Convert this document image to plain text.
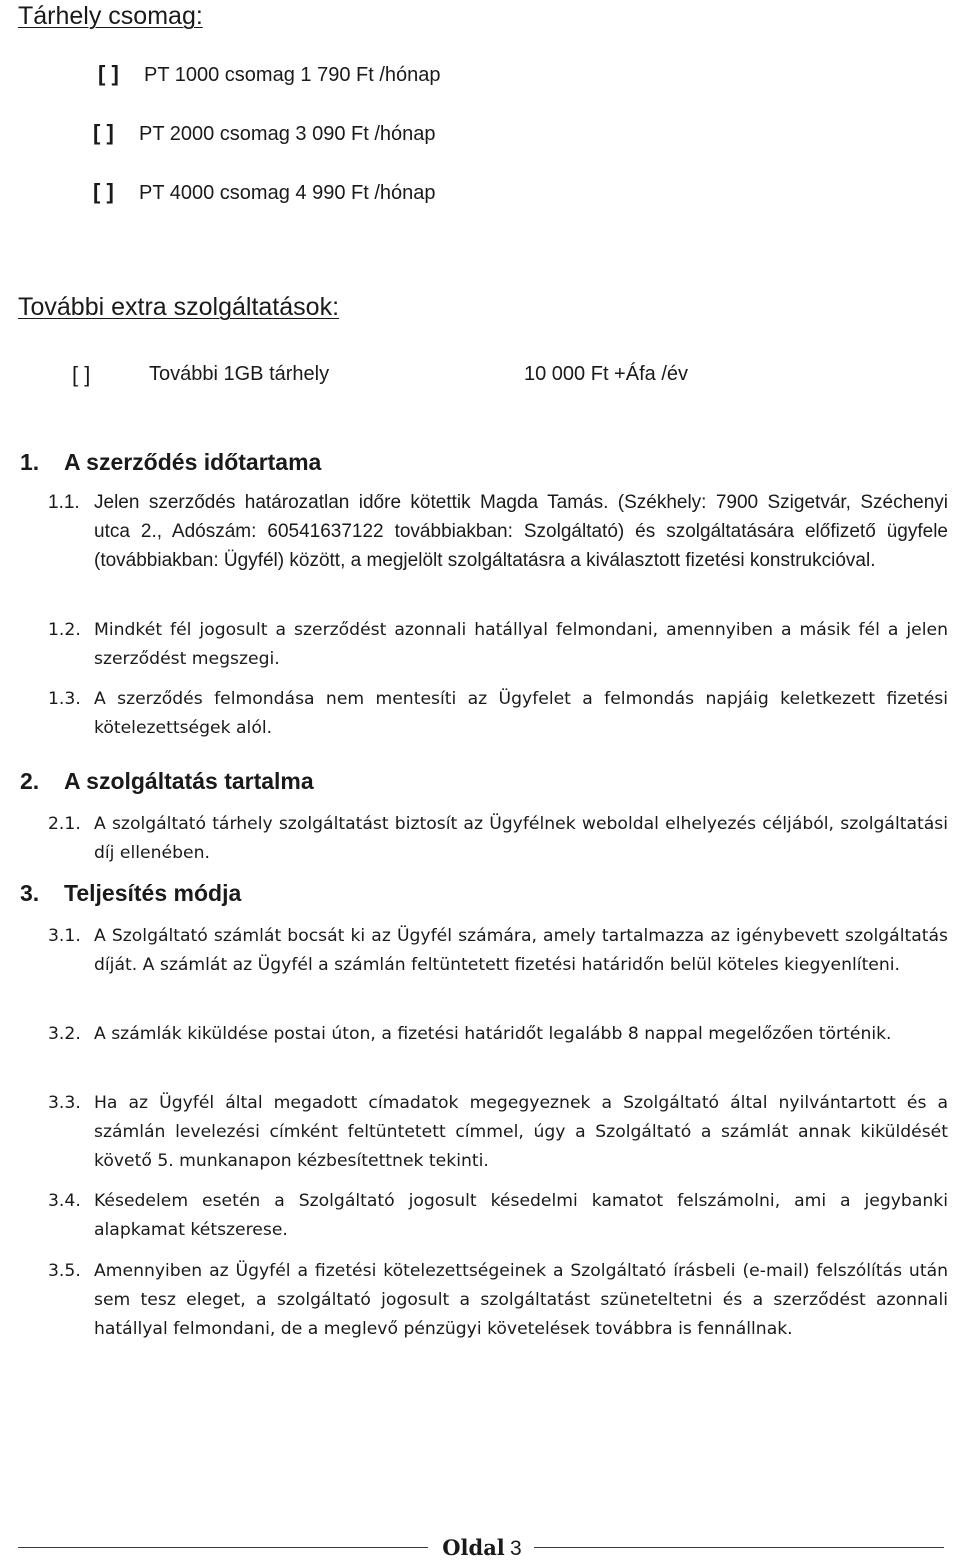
Tárhely csomag:
[ ] PT 1000 csomag 1 790 Ft /hónap
[ ] PT 2000 csomag 3 090 Ft /hónap
[ ] PT 4000 csomag 4 990 Ft /hónap
További extra szolgáltatások:
[ ]	További 1GB tárhely	10 000 Ft +Áfa /év
1. A szerződés időtartama
1.1. Jelen szerződés határozatlan időre kötettik Magda Tamás. (Székhely: 7900 Szigetvár, Széchenyi utca 2., Adószám: 60541637122 továbbiakban: Szolgáltató) és szolgáltatására előfizető ügyfele (továbbiakban: Ügyfél) között, a megjelölt szolgáltatásra a kiválasztott fizetési konstrukcióval.
1.2. Mindkét fél jogosult a szerződést azonnali hatállyal felmondani, amennyiben a másik fél a jelen szerződést megszegi.
1.3. A szerződés felmondása nem mentesíti az Ügyfelet a felmondás napjáig keletkezett fizetési kötelezettségek alól.
2. A szolgáltatás tartalma
2.1. A szolgáltató tárhely szolgáltatást biztosít az Ügyfélnek weboldal elhelyezés céljából, szolgáltatási díj ellenében.
3. Teljesítés módja
3.1. A Szolgáltató számlát bocsát ki az Ügyfél számára, amely tartalmazza az igénybevett szolgáltatás díját. A számlát az Ügyfél a számlán feltüntetett fizetési határidőn belül köteles kiegyenlíteni.
3.2. A számlák kiküldése postai úton, a fizetési határidőt legalább 8 nappal megelőzően történik.
3.3. Ha az Ügyfél által megadott címadatok megegyeznek a Szolgáltató által nyilvántartott és a számlán levelezési címként feltüntetett címmel, úgy a Szolgáltató a számlát annak kiküldését követő 5. munkanapon kézbesítettnek tekinti.
3.4. Késedelem esetén a Szolgáltató jogosult késedelmi kamatot felszámolni, ami a jegybanki alapkamat kétszerese.
3.5. Amennyiben az Ügyfél a fizetési kötelezettségeinek a Szolgáltató írásbeli (e-mail) felszólítás után sem tesz eleget, a szolgáltató jogosult a szolgáltatást szüneteltetni és a szerződést azonnali hatállyal felmondani, de a meglevő pénzügyi követelések továbbra is fennállnak.
Oldal 3
